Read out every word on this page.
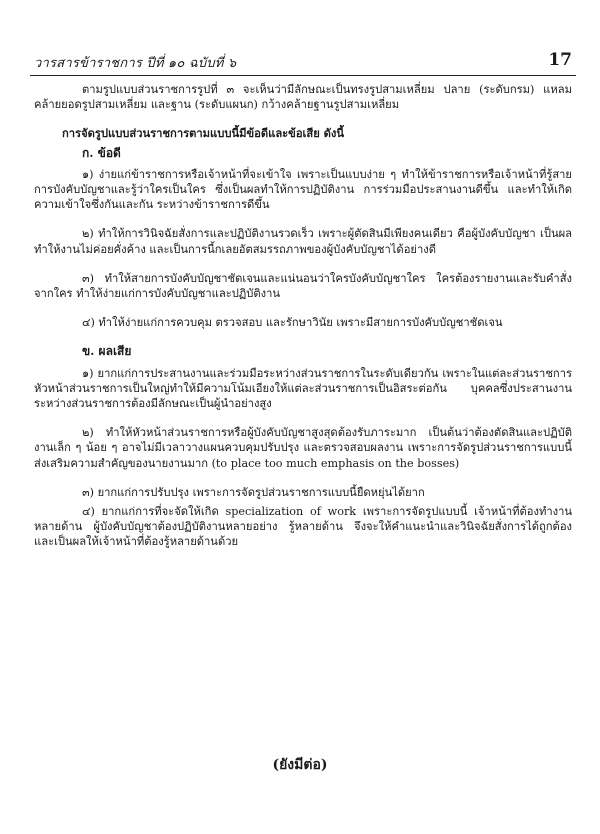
วารสารข้าราชการ ปีที่ ๑๐ ฉบับที่ ๖	17

ตามรูปแบบส่วนราชการรูปที่ ๓ จะเห็นว่ามีลักษณะเป็นทรงรูปสามเหลี่ยม ปลาย (ระดับกรม) แหลมคล้ายยอดรูปสามเหลี่ยม และฐาน (ระดับแผนก) กว้างคล้ายฐานรูปสามเหลี่ยม

การจัดรูปแบบส่วนราชการตามแบบนี้มีข้อดีและข้อเสีย ดังนี้

ก. ข้อดี

๑) ง่ายแก่ข้าราชการหรือเจ้าหน้าที่จะเข้าใจ เพราะเป็นแบบง่าย ๆ ทำให้ข้าราชการหรือเจ้าหน้าที่รู้สายการบังคับบัญชาและรู้ว่าใครเป็นใคร ซึ่งเป็นผลทำให้การปฏิบัติงาน การร่วมมือประสานงานดีขึ้น และทำให้เกิดความเข้าใจซึ่งกันและกัน ระหว่างข้าราชการดีขึ้น

๒) ทำให้การวินิจฉัยสั่งการและปฏิบัติงานรวดเร็ว เพราะผู้ตัดสินมีเพียงคนเดียว คือผู้บังคับบัญชา เป็นผลทำให้งานไม่ค่อยคั่งค้าง และเป็นการนี้กเลยอัตสมรรถภาพของผู้บังคับบัญชาได้อย่างดี

๓) ทำให้สายการบังคับบัญชาชัดเจนและแน่นอนว่าใครบังคับบัญชาใคร ใครต้องรายงานและรับคำสั่งจากใคร ทำให้ง่ายแก่การบังคับบัญชาและปฏิบัติงาน

๔) ทำให้ง่ายแก่การควบคุม ตรวจสอบ และรักษาวินัย เพราะมีสายการบังคับบัญชาชัดเจน

ข. ผลเสีย

๑) ยากแก่การประสานงานและร่วมมือระหว่างส่วนราชการในระดับเดียวกัน เพราะในแต่ละส่วนราชการ หัวหน้าส่วนราชการเป็นใหญ่ทำให้มีความโน้มเอียงให้แต่ละส่วนราชการเป็นอิสระต่อกัน บุคคลซึ่งประสานงานระหว่างส่วนราชการต้องมีลักษณะเป็นผู้นำอย่างสูง

๒) ทำให้หัวหน้าส่วนราชการหรือผู้บังคับบัญชาสูงสุดต้องรับภาระมาก เป็นต้นว่าต้องตัดสินและปฏิบัติงานเล็ก ๆ น้อย ๆ อาจไม่มีเวลาวางแผนควบคุมปรับปรุง และตรวจสอบผลงาน เพราะการจัดรูปส่วนราชการแบบนี้ส่งเสริมความสำคัญของนายงานมาก (to place too much emphasis on the bosses)

๓) ยากแก่การปรับปรุง เพราะการจัดรูปส่วนราชการแบบนี้ยืดหยุ่นได้ยาก

๔) ยากแก่การที่จะจัดให้เกิด specialization of work เพราะการจัดรูปแบบนี้ เจ้าหน้าที่ต้องทำงานหลายด้าน ผู้บังคับบัญชาต้องปฏิบัติงานหลายอย่าง รู้หลายด้าน จึงจะให้คำแนะนำและวินิจฉัยสั่งการได้ถูกต้อง และเป็นผลให้เจ้าหน้าที่ต้องรู้หลายด้านด้วย

(ยังมีต่อ)
